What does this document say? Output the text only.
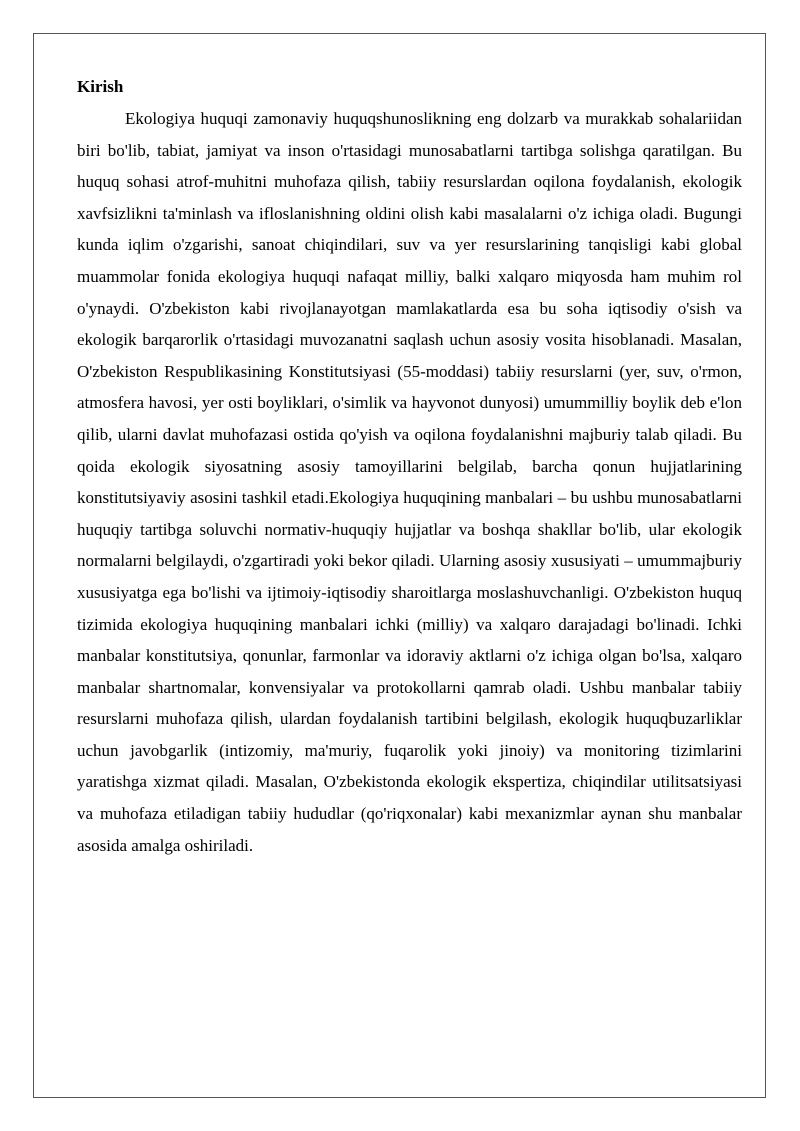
Kirish

Ekologiya huquqi zamonaviy huquqshunoslikning eng dolzarb va murakkab sohalariidan biri bo'lib, tabiat, jamiyat va inson o'rtasidagi munosabatlarni tartibga solishga qaratilgan. Bu huquq sohasi atrof-muhitni muhofaza qilish, tabiiy resurslardan oqilona foydalanish, ekologik xavfsizlikni ta'minlash va ifloslanishning oldini olish kabi masalalarni o'z ichiga oladi. Bugungi kunda iqlim o'zgarishi, sanoat chiqindilari, suv va yer resurslarining tanqisligi kabi global muammolar fonida ekologiya huquqi nafaqat milliy, balki xalqaro miqyosda ham muhim rol o'ynaydi. O'zbekiston kabi rivojlanayotgan mamlakatlarda esa bu soha iqtisodiy o'sish va ekologik barqarorlik o'rtasidagi muvozanatni saqlash uchun asosiy vosita hisoblanadi. Masalan, O'zbekiston Respublikasining Konstitutsiyasi (55-moddasi) tabiiy resurslarni (yer, suv, o'rmon, atmosfera havosi, yer osti boyliklari, o'simlik va hayvonot dunyosi) umummilliy boylik deb e'lon qilib, ularni davlat muhofazasi ostida qo'yish va oqilona foydalanishni majburiy talab qiladi. Bu qoida ekologik siyosatning asosiy tamoyillarini belgilab, barcha qonun hujjatlarining konstitutsiyaviy asosini tashkil etadi.Ekologiya huquqining manbalari – bu ushbu munosabatlarni huquqiy tartibga soluvchi normativ-huquqiy hujjatlar va boshqa shakllar bo'lib, ular ekologik normalarni belgilaydi, o'zgartiradi yoki bekor qiladi. Ularning asosiy xususiyati – umummajburiy xususiyatga ega bo'lishi va ijtimoiy-iqtisodiy sharoitlarga moslashuvchanligi. O'zbekiston huquq tizimida ekologiya huquqining manbalari ichki (milliy) va xalqaro darajadagi bo'linadi. Ichki manbalar konstitutsiya, qonunlar, farmonlar va idoraviy aktlarni o'z ichiga olgan bo'lsa, xalqaro manbalar shartnomalar, konvensiyalar va protokollarni qamrab oladi. Ushbu manbalar tabiiy resurslarni muhofaza qilish, ulardan foydalanish tartibini belgilash, ekologik huquqbuzarliklar uchun javobgarlik (intizomiy, ma'muriy, fuqarolik yoki jinoiy) va monitoring tizimlarini yaratishga xizmat qiladi. Masalan, O'zbekistonda ekologik ekspertiza, chiqindilar utilitsatsiyasi va muhofaza etiladigan tabiiy hududlar (qo'riqxonalar) kabi mexanizmlar aynan shu manbalar asosida amalga oshiriladi.
